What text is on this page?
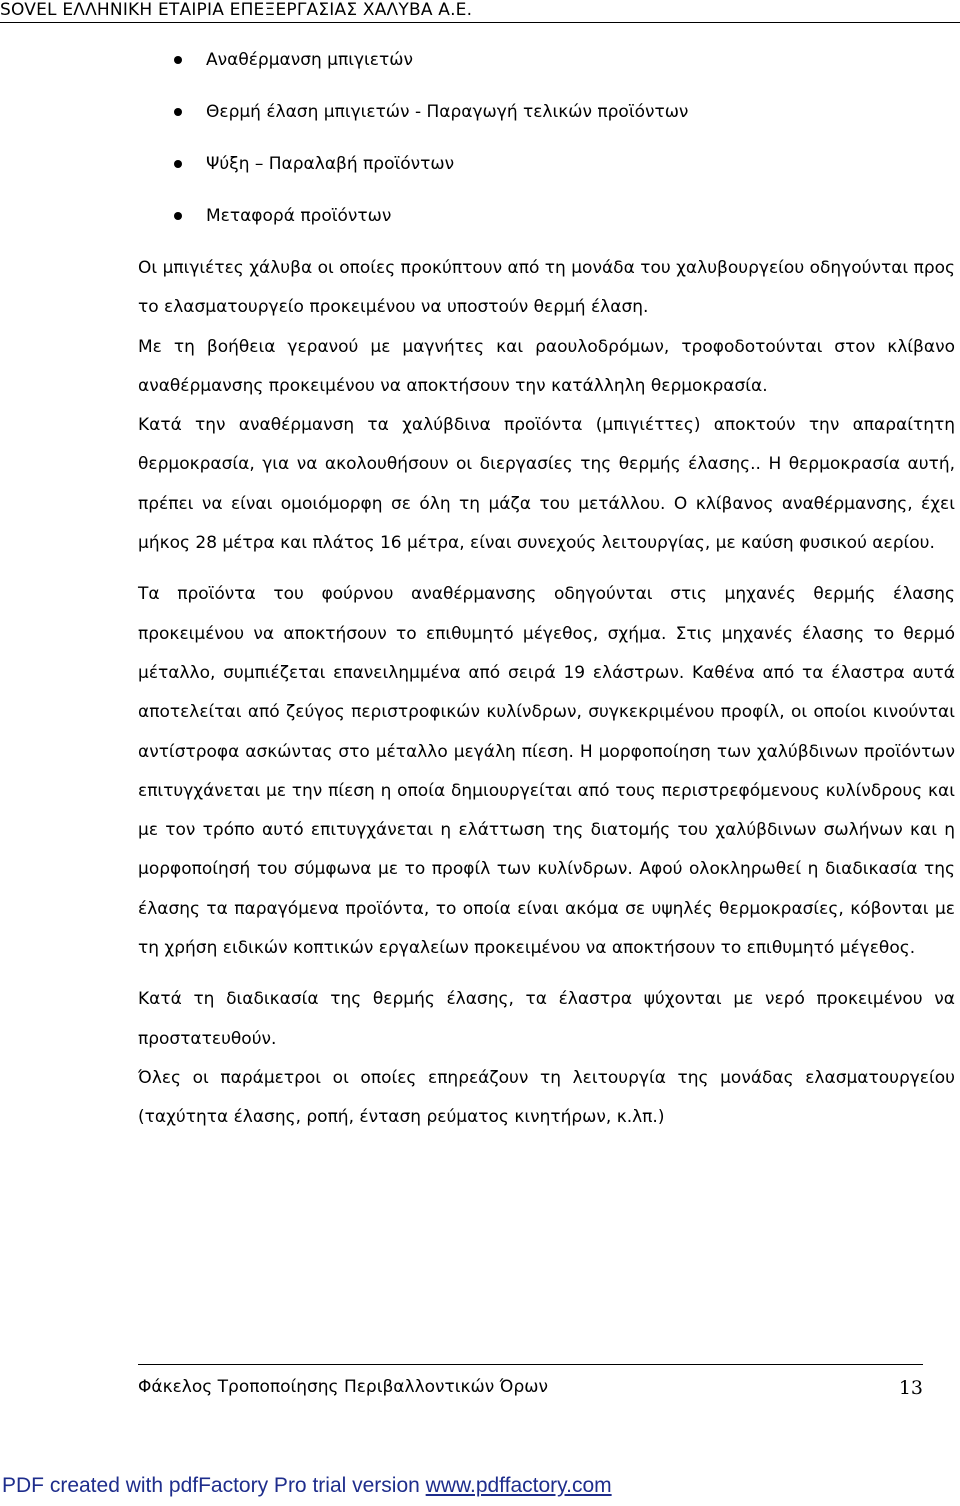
SOVEL ΕΛΛΗΝΙΚΗ ΕΤΑΙΡΙΑ ΕΠΕΞΕΡΓΑΣΙΑΣ ΧΑΛΥΒΑ Α.Ε.
Αναθέρμανση μπιγιετών
Θερμή έλαση μπιγιετών - Παραγωγή τελικών προϊόντων
Ψύξη – Παραλαβή προϊόντων
Μεταφορά προϊόντων

Οι μπιγιέτες χάλυβα οι οποίες προκύπτουν από τη μονάδα του χαλυβουργείου οδηγούνται προς το ελασματουργείο προκειμένου να υποστούν θερμή έλαση.

Με τη βοήθεια γερανού με μαγνήτες και ραουλοδρόμων, τροφοδοτούνται στον κλίβανο αναθέρμανσης προκειμένου να αποκτήσουν την κατάλληλη θερμοκρασία.

Κατά την αναθέρμανση τα χαλύβδινα προϊόντα (μπιγιέττες) αποκτούν την απαραίτητη θερμοκρασία, για να ακολουθήσουν οι διεργασίες της θερμής έλασης.. Η θερμοκρασία αυτή, πρέπει να είναι ομοιόμορφη σε όλη τη μάζα του μετάλλου. Ο κλίβανος αναθέρμανσης, έχει μήκος 28 μέτρα και πλάτος 16 μέτρα, είναι συνεχούς λειτουργίας, με καύση φυσικού αερίου.

Τα προϊόντα του φούρνου αναθέρμανσης οδηγούνται στις μηχανές θερμής έλασης προκειμένου να αποκτήσουν το επιθυμητό μέγεθος, σχήμα. Στις μηχανές έλασης το θερμό μέταλλο, συμπιέζεται επανειλημμένα από σειρά 19 ελάστρων. Καθένα από τα έλαστρα αυτά αποτελείται από ζεύγος περιστροφικών κυλίνδρων, συγκεκριμένου προφίλ, οι οποίοι κινούνται αντίστροφα ασκώντας στο μέταλλο μεγάλη πίεση. Η μορφοποίηση των χαλύβδινων προϊόντων επιτυγχάνεται με την πίεση η οποία δημιουργείται από τους περιστρεφόμενους κυλίνδρους και με τον τρόπο αυτό επιτυγχάνεται η ελάττωση της διατομής του χαλύβδινων σωλήνων και η μορφοποίησή του σύμφωνα με το προφίλ των κυλίνδρων. Αφού ολοκληρωθεί η διαδικασία της έλασης τα παραγόμενα προϊόντα, το οποία είναι ακόμα σε υψηλές θερμοκρασίες, κόβονται με τη χρήση ειδικών κοπτικών εργαλείων προκειμένου να αποκτήσουν το επιθυμητό μέγεθος.

Κατά τη διαδικασία της θερμής έλασης, τα έλαστρα ψύχονται με νερό προκειμένου να προστατευθούν.

Όλες οι παράμετροι οι οποίες επηρεάζουν τη λειτουργία της μονάδας ελασματουργείου (ταχύτητα έλασης, ροπή, ένταση ρεύματος κινητήρων, κ.λπ.)

Φάκελος Τροποποίησης Περιβαλλοντικών Όρων	13
PDF created with pdfFactory Pro trial version www.pdffactory.com
